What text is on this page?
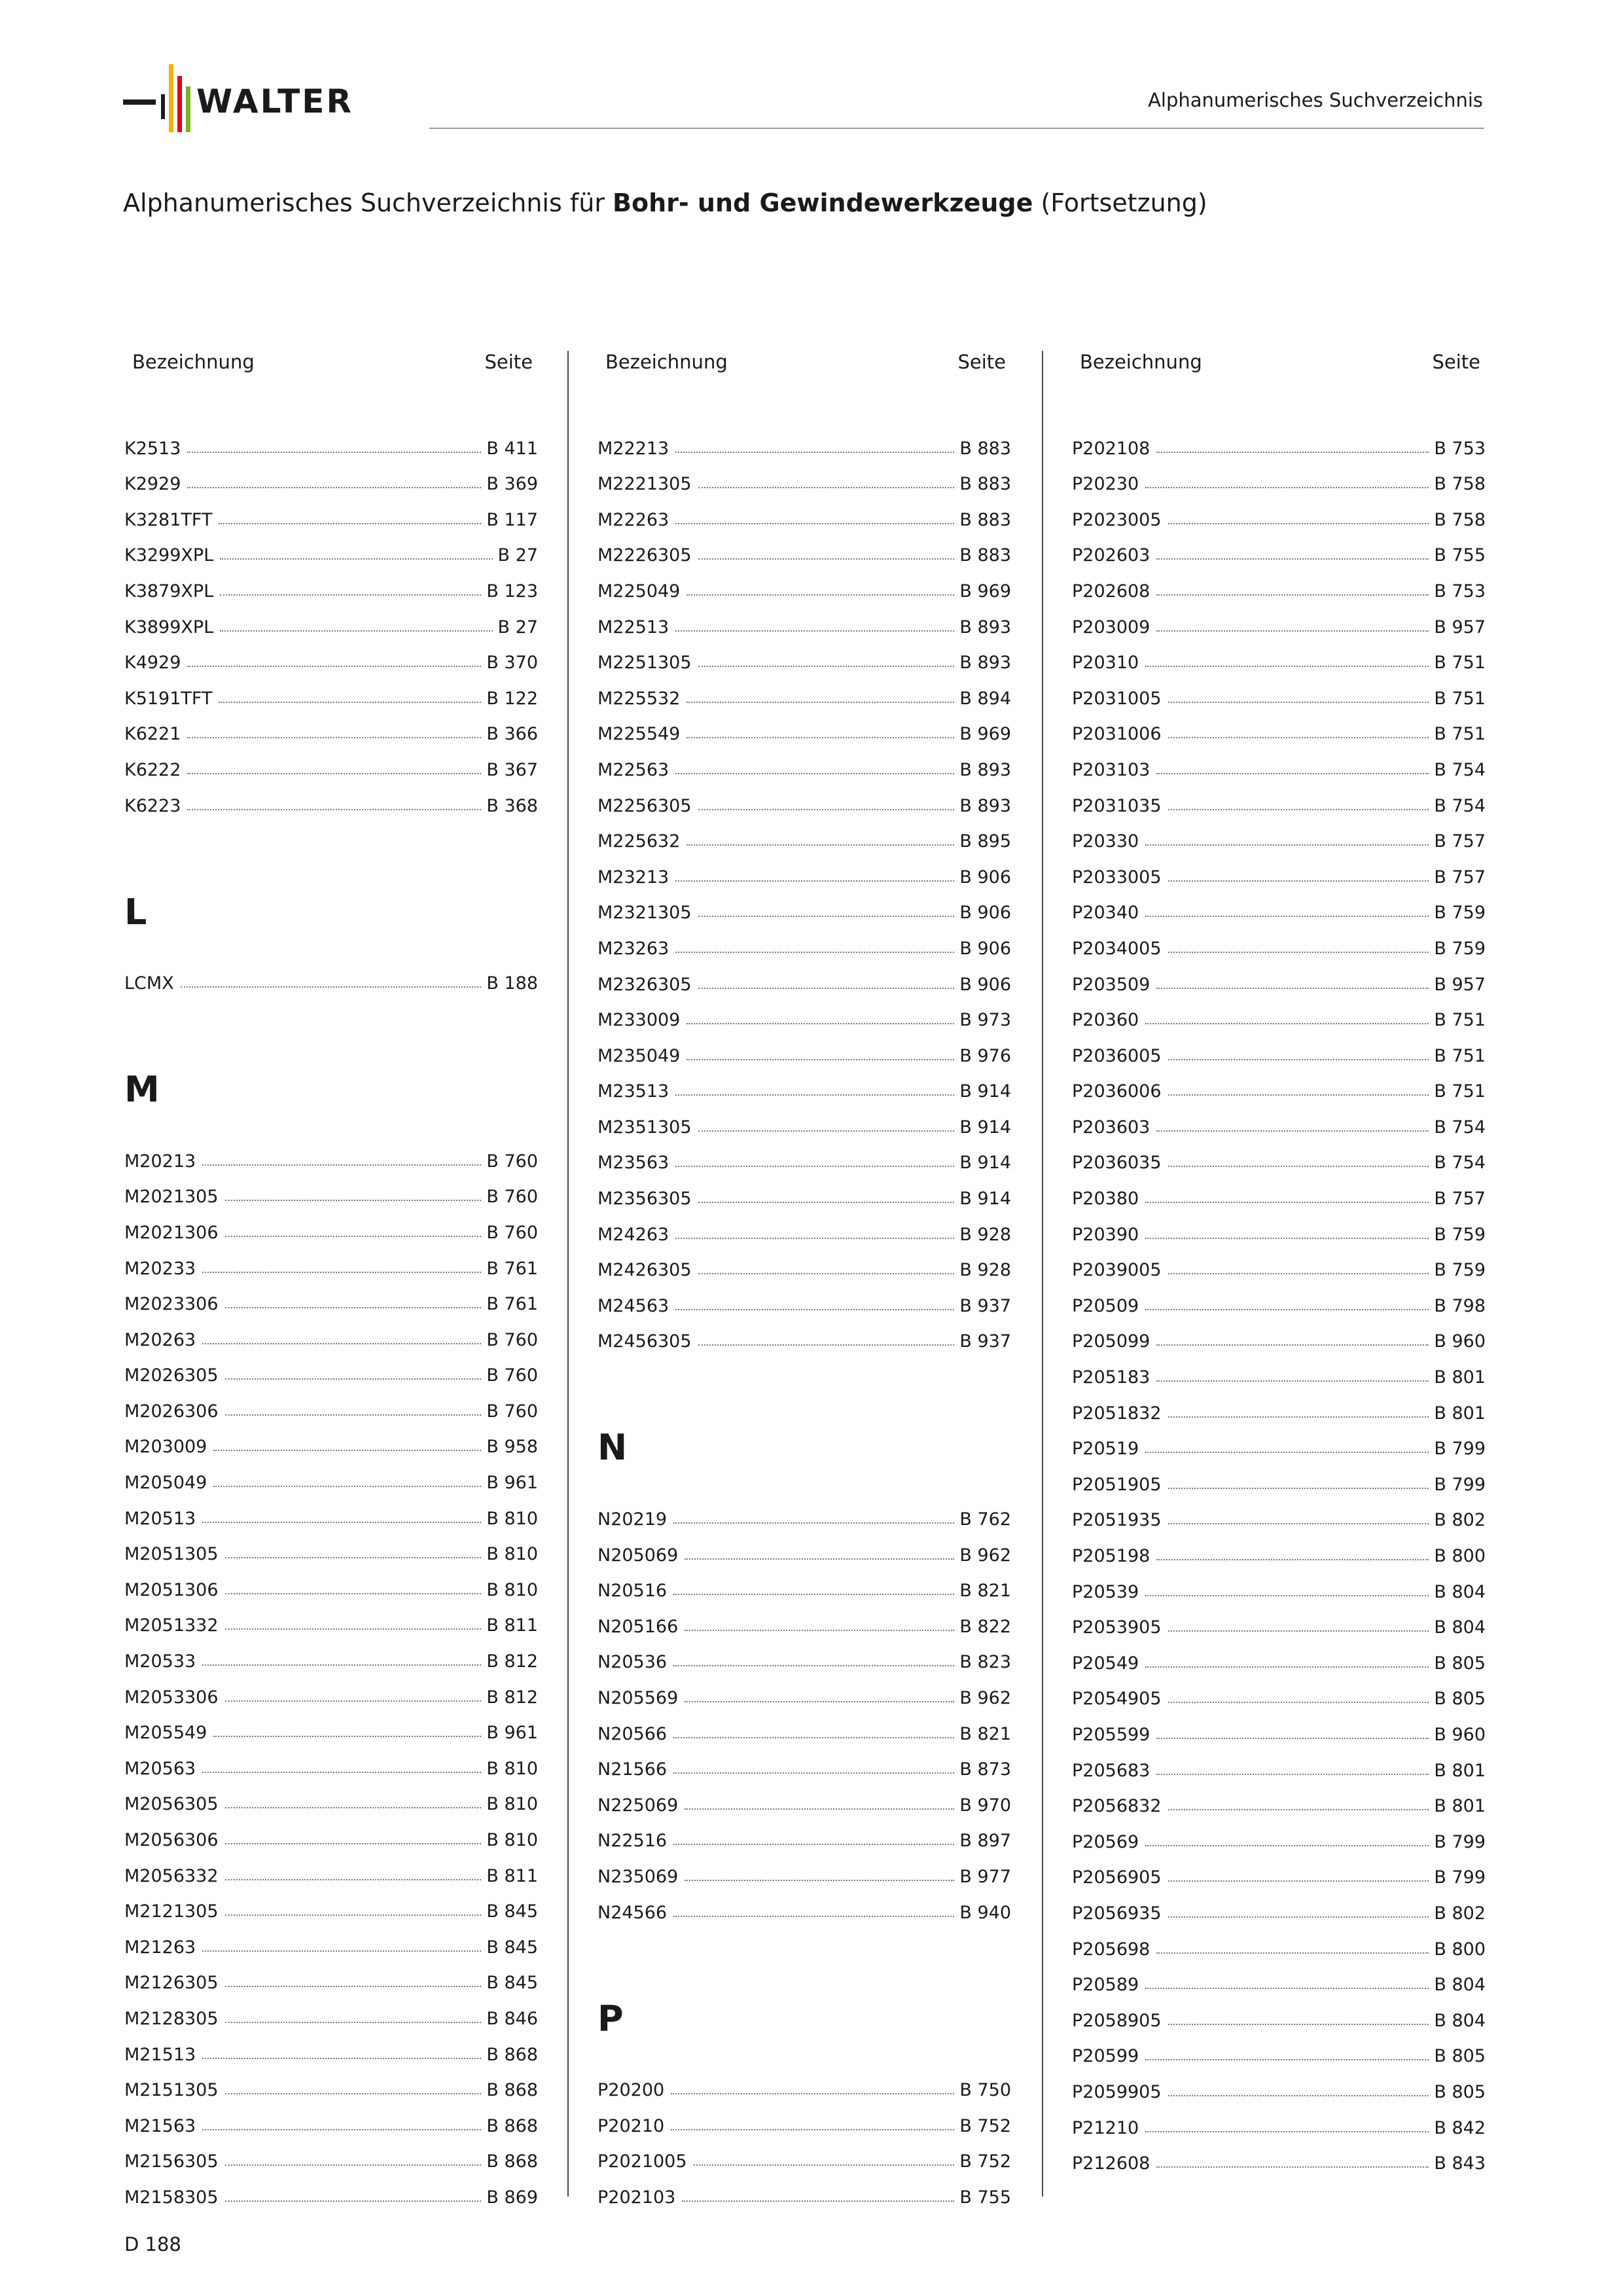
WALTER	Alphanumerisches Suchverzeichnis
Alphanumerisches Suchverzeichnis für Bohr- und Gewindewerkzeuge (Fortsetzung)
Bezeichnung	Seite
K2513	B 411
K2929	B 369
K3281TFT	B 117
K3299XPL	B 27
K3879XPL	B 123
K3899XPL	B 27
K4929	B 370
K5191TFT	B 122
K6221	B 366
K6222	B 367
K6223	B 368
L
LCMX	B 188
M
M20213	B 760
M2021305	B 760
M2021306	B 760
M20233	B 761
M2023306	B 761
M20263	B 760
M2026305	B 760
M2026306	B 760
M203009	B 958
M205049	B 961
M20513	B 810
M2051305	B 810
M2051306	B 810
M2051332	B 811
M20533	B 812
M2053306	B 812
M205549	B 961
M20563	B 810
M2056305	B 810
M2056306	B 810
M2056332	B 811
M2121305	B 845
M21263	B 845
M2126305	B 845
M2128305	B 846
M21513	B 868
M2151305	B 868
M21563	B 868
M2156305	B 868
M2158305	B 869
Bezeichnung	Seite
M22213	B 883
M2221305	B 883
M22263	B 883
M2226305	B 883
M225049	B 969
M22513	B 893
M2251305	B 893
M225532	B 894
M225549	B 969
M22563	B 893
M2256305	B 893
M225632	B 895
M23213	B 906
M2321305	B 906
M23263	B 906
M2326305	B 906
M233009	B 973
M235049	B 976
M23513	B 914
M2351305	B 914
M23563	B 914
M2356305	B 914
M24263	B 928
M2426305	B 928
M24563	B 937
M2456305	B 937
N
N20219	B 762
N205069	B 962
N20516	B 821
N205166	B 822
N20536	B 823
N205569	B 962
N20566	B 821
N21566	B 873
N225069	B 970
N22516	B 897
N235069	B 977
N24566	B 940
P
P20200	B 750
P20210	B 752
P2021005	B 752
P202103	B 755
Bezeichnung	Seite
P202108	B 753
P20230	B 758
P2023005	B 758
P202603	B 755
P202608	B 753
P203009	B 957
P20310	B 751
P2031005	B 751
P2031006	B 751
P203103	B 754
P2031035	B 754
P20330	B 757
P2033005	B 757
P20340	B 759
P2034005	B 759
P203509	B 957
P20360	B 751
P2036005	B 751
P2036006	B 751
P203603	B 754
P2036035	B 754
P20380	B 757
P20390	B 759
P2039005	B 759
P20509	B 798
P205099	B 960
P205183	B 801
P2051832	B 801
P20519	B 799
P2051905	B 799
P2051935	B 802
P205198	B 800
P20539	B 804
P2053905	B 804
P20549	B 805
P2054905	B 805
P205599	B 960
P205683	B 801
P2056832	B 801
P20569	B 799
P2056905	B 799
P2056935	B 802
P205698	B 800
P20589	B 804
P2058905	B 804
P20599	B 805
P2059905	B 805
P21210	B 842
P212608	B 843
D 188
